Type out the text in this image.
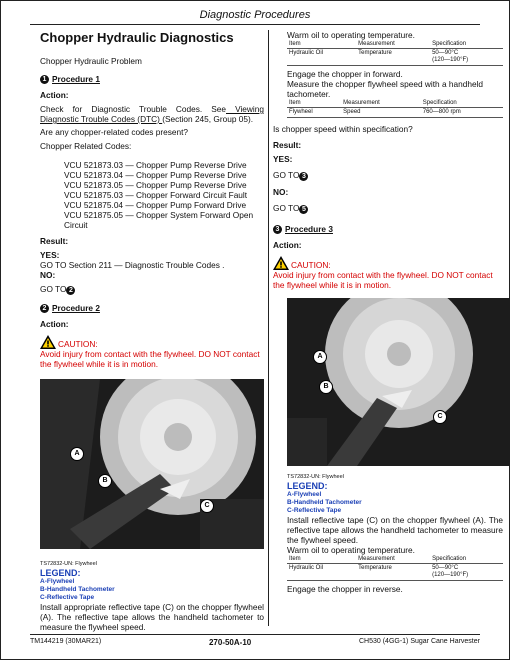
Diagnostic Procedures
Chopper Hydraulic Diagnostics

Chopper Hydraulic Problem

1 Procedure 1

Action:

Check for Diagnostic Trouble Codes. See Viewing Diagnostic Trouble Codes (DTC) (Section 245, Group 05).

Are any chopper-related codes present?

Chopper Related Codes:

VCU 521873.03 — Chopper Pump Reverse Drive
VCU 521873.04 — Chopper Pump Reverse Drive
VCU 521873.05 — Chopper Pump Reverse Drive
VCU 521875.03 — Chopper Forward Circuit Fault
VCU 521875.04 — Chopper Pump Forward Drive
VCU 521875.05 — Chopper System Forward Open Circuit

Result:

YES:

GO TO Section 211 — Diagnostic Trouble Codes .

NO:

GO TO 2

2 Procedure 2

Action:

CAUTION:

Avoid injury from contact with the flywheel. DO NOT contact the flywheel while it is in motion.

A
B
C

TS72832-UN: Flywheel

LEGEND:
A-Flywheel
B-Handheld Tachometer
C-Reflective Tape

Install appropriate reflective tape (C) on the chopper flywheel (A). The reflective tape allows the handheld tachometer to measure the flywheel speed.

Warm oil to operating temperature.

Item	Measurement	Specification
Hydraulic Oil	Temperature	50—90°C
(120—190°F)

Engage the chopper in forward.

Measure the chopper flywheel speed with a handheld tachometer.

Item	Measurement	Specification
Flywheel	Speed	760—800 rpm

Is chopper speed within specification?

Result:

YES:

GO TO 3

NO:

GO TO 5

3 Procedure 3

Action:

CAUTION:

Avoid injury from contact with the flywheel. DO NOT contact the flywheel while it is in motion.

A
B
C

TS72832-UN: Flywheel

LEGEND:
A-Flywheel
B-Handheld Tachometer
C-Reflective Tape

Install reflective tape (C) on the chopper flywheel (A). The reflective tape allows the handheld tachometer to measure the flywheel speed.

Warm oil to operating temperature.

Item	Measurement	Specification
Hydraulic Oil	Temperature	50—90°C
(120—190°F)

Engage the chopper in reverse.

TM144219 (30MAR21)	270-50A-10	CH530 (4GG-1) Sugar Cane Harvester
